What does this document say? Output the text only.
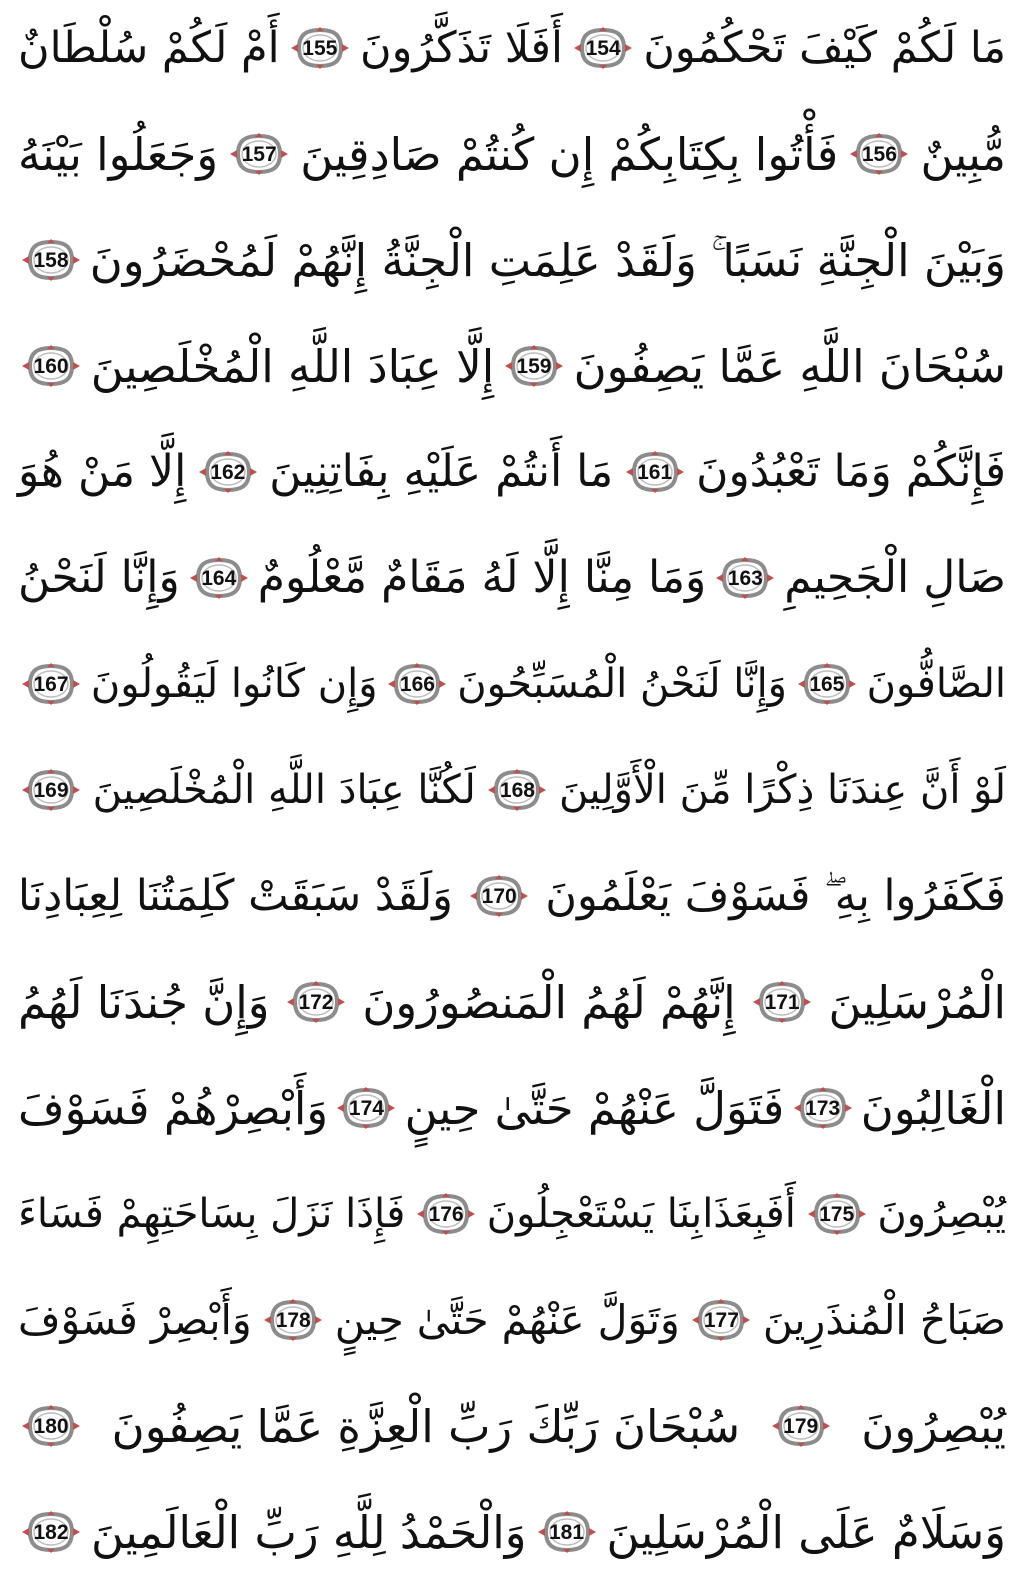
مَا لَكُمْ كَيْفَ تَحْكُمُونَ
154
أَفَلَا تَذَكَّرُونَ
155
أَمْ لَكُمْ سُلْطَانٌ
مُّبِينٌ
156
فَأْتُوا بِكِتَابِكُمْ إِن كُنتُمْ صَادِقِينَ
157
وَجَعَلُوا بَيْنَهُ
وَبَيْنَ الْجِنَّةِ نَسَبًا ۚ وَلَقَدْ عَلِمَتِ الْجِنَّةُ إِنَّهُمْ لَمُحْضَرُونَ
158
سُبْحَانَ اللَّهِ عَمَّا يَصِفُونَ
159
إِلَّا عِبَادَ اللَّهِ الْمُخْلَصِينَ
160
فَإِنَّكُمْ وَمَا تَعْبُدُونَ
161
مَا أَنتُمْ عَلَيْهِ بِفَاتِنِينَ
162
إِلَّا مَنْ هُوَ
صَالِ الْجَحِيمِ
163
وَمَا مِنَّا إِلَّا لَهُ مَقَامٌ مَّعْلُومٌ
164
وَإِنَّا لَنَحْنُ
الصَّافُّونَ
165
وَإِنَّا لَنَحْنُ الْمُسَبِّحُونَ
166
وَإِن كَانُوا لَيَقُولُونَ
167
لَوْ أَنَّ عِندَنَا ذِكْرًا مِّنَ الْأَوَّلِينَ
168
لَكُنَّا عِبَادَ اللَّهِ الْمُخْلَصِينَ
169
فَكَفَرُوا بِهِ ۖ فَسَوْفَ يَعْلَمُونَ
170
وَلَقَدْ سَبَقَتْ كَلِمَتُنَا لِعِبَادِنَا
الْمُرْسَلِينَ
171
إِنَّهُمْ لَهُمُ الْمَنصُورُونَ
172
وَإِنَّ جُندَنَا لَهُمُ
الْغَالِبُونَ
173
فَتَوَلَّ عَنْهُمْ حَتَّىٰ حِينٍ
174
وَأَبْصِرْهُمْ فَسَوْفَ
يُبْصِرُونَ
175
أَفَبِعَذَابِنَا يَسْتَعْجِلُونَ
176
فَإِذَا نَزَلَ بِسَاحَتِهِمْ فَسَاءَ
صَبَاحُ الْمُنذَرِينَ
177
وَتَوَلَّ عَنْهُمْ حَتَّىٰ حِينٍ
178
وَأَبْصِرْ فَسَوْفَ
يُبْصِرُونَ
179
سُبْحَانَ رَبِّكَ رَبِّ الْعِزَّةِ عَمَّا يَصِفُونَ
180
وَسَلَامٌ عَلَى الْمُرْسَلِينَ
181
وَالْحَمْدُ لِلَّهِ رَبِّ الْعَالَمِينَ
182
